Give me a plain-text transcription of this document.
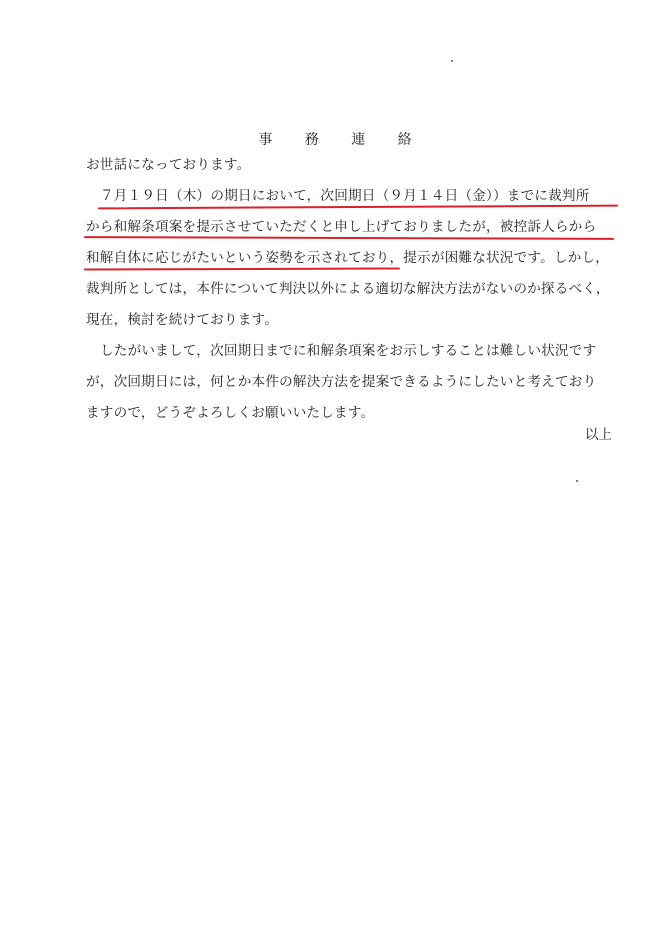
事 務 連 絡
お世話になっております。
７月１９日（木）の期日において，次回期日（９月１４日（金））までに裁判所
から和解条項案を提示させていただくと申し上げておりましたが，被控訴人らから
和解自体に応じがたいという姿勢を示されており，提示が困難な状況です。しかし，
裁判所としては，本件について判決以外による適切な解決方法がないのか探るべく，
現在，検討を続けております。
したがいまして，次回期日までに和解条項案をお示しすることは難しい状況です
が，次回期日には，何とか本件の解決方法を提案できるようにしたいと考えており
ますので，どうぞよろしくお願いいたします。
以上
